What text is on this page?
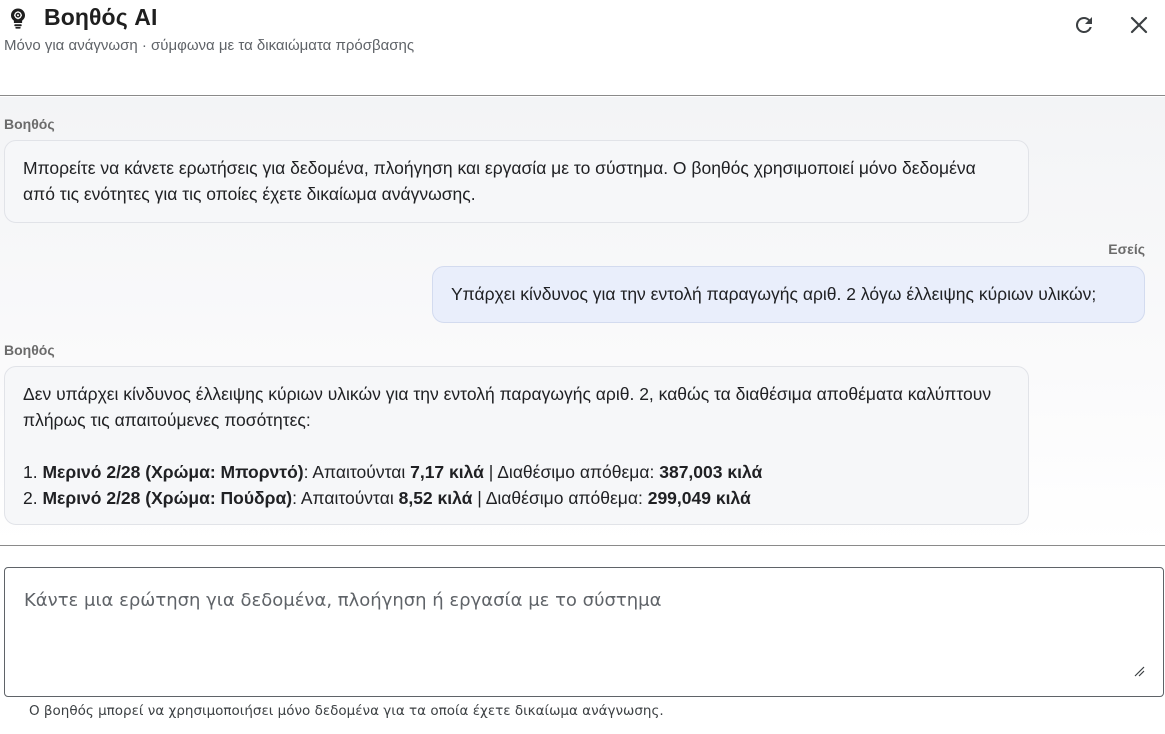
Βοηθός AI
Μόνο για ανάγνωση · σύμφωνα με τα δικαιώματα πρόσβασης
Βοηθός

Μπορείτε να κάνετε ερωτήσεις για δεδομένα, πλοήγηση και εργασία με το σύστημα. Ο βοηθός χρησιμοποιεί μόνο δεδομένα από τις ενότητες για τις οποίες έχετε δικαίωμα ανάγνωσης.

Εσείς

Υπάρχει κίνδυνος για την εντολή παραγωγής αριθ. 2 λόγω έλλειψης κύριων υλικών;

Βοηθός

Δεν υπάρχει κίνδυνος έλλειψης κύριων υλικών για την εντολή παραγωγής αριθ. 2, καθώς τα διαθέσιμα αποθέματα καλύπτουν πλήρως τις απαιτούμενες ποσότητες:

1. Μερινό 2/28 (Χρώμα: Μπορντό): Απαιτούνται 7,17 κιλά | Διαθέσιμο απόθεμα: 387,003 κιλά

2. Μερινό 2/28 (Χρώμα: Πούδρα): Απαιτούνται 8,52 κιλά | Διαθέσιμο απόθεμα: 299,049 κιλά

Κάντε μια ερώτηση για δεδομένα, πλοήγηση ή εργασία με το σύστημα
Ο βοηθός μπορεί να χρησιμοποιήσει μόνο δεδομένα για τα οποία έχετε δικαίωμα ανάγνωσης.
